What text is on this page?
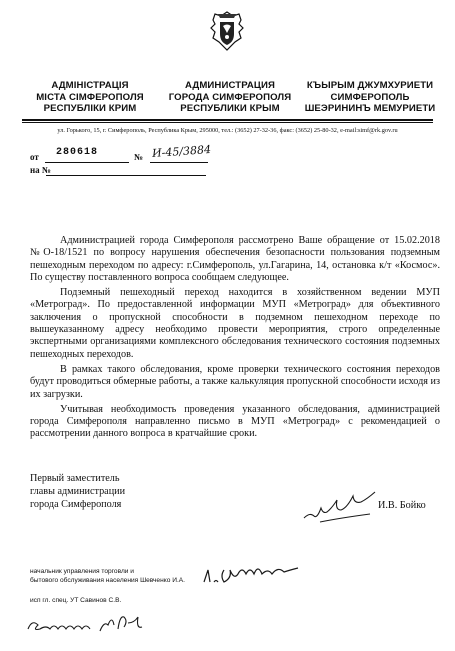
АДМІНІСТРАЦІЯ
МІСТА СІМФЕРОПОЛЯ
РЕСПУБЛІКИ КРИМ
АДМИНИСТРАЦИЯ
ГОРОДА СИМФЕРОПОЛЯ
РЕСПУБЛИКИ КРЫМ
КЪЫРЫМ ДЖУМХУРИЕТИ
СИМФЕРОПОЛЬ
ШЕЭРИНИНЪ МЕМУРИЕТИ
ул. Горького, 15, г. Симферополь, Республика Крым, 295000, тел.: (3652) 27-32-36, факс: (3652) 25-80-32, e-mail:simf@rk.gov.ru
от 280618	№ И-45/3884
на №

Администрацией города Симферополя рассмотрено Ваше обращение от 15.02.2018 №О-18/1521 по вопросу нарушения обеспечения безопасности пользования подземным пешеходным переходом по адресу: г.Симферополь, ул.Гагарина, 14, остановка к/т «Космос». По существу поставленного вопроса сообщаем следующее.

Подземный пешеходный переход находится в хозяйственном ведении МУП «Метроград». По предоставленной информации МУП «Метроград» для объективного заключения о пропускной способности в подземном пешеходном переходе по вышеуказанному адресу необходимо провести мероприятия, строго определенные экспертными организациями комплексного обследования технического состояния подземных пешеходных переходов.

В рамках такого обследования, кроме проверки технического состояния переходов будут проводиться обмерные работы, а также калькуляция пропускной способности исходя из их загрузки.

Учитывая необходимость проведения указанного обследования, администрацией города Симферополя направленно письмо в МУП «Метроград» с рекомендацией о рассмотрении данного вопроса в кратчайшие сроки.

Первый заместитель
главы администрации
города Симферополя	И.В. Бойко
начальник управления торговли и
бытового обслуживания населения Шевченко И.А.
исп гл. спец. УТ Савинов С.В.
